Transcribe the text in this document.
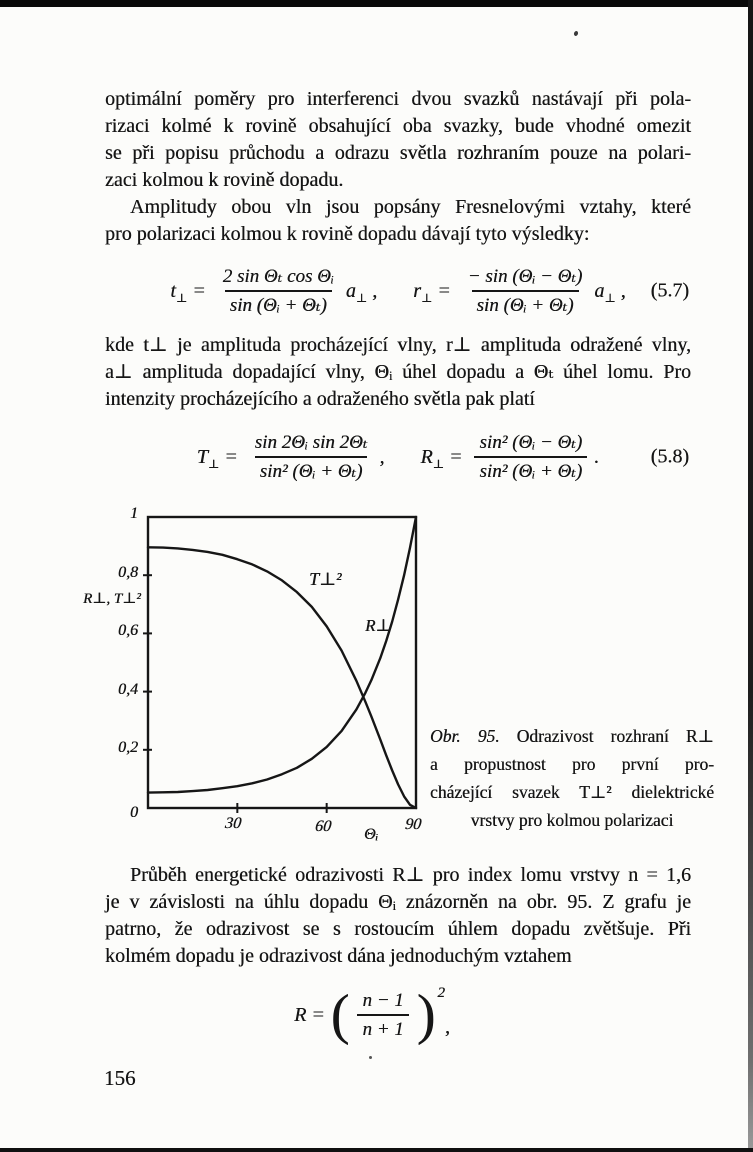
optimální poměry pro interferenci dvou svazků nastávají při pola-
rizaci kolmé k rovině obsahující oba svazky, bude vhodné omezit
se při popisu průchodu a odrazu světla rozhraním pouze na polari-
zaci kolmou k rovině dopadu.
Amplitudy obou vln jsou popsány Fresnelovými vztahy, které
pro polarizaci kolmou k rovině dopadu dávají tyto výsledky:
$t_\perp = \frac{\text{2 sin Θₜ cos Θᵢ}}{\text{sin (Θᵢ + Θₜ)}} a_\perp$ , $r_\perp = \frac{\text{− sin (Θᵢ − Θₜ)}}{\text{sin (Θᵢ + Θₜ)}} a_\perp$ , (5.7)
kde t⊥ je amplituda procházející vlny, r⊥ amplituda odražené vlny,
a⊥ amplituda dopadající vlny, Θᵢ úhel dopadu a Θₜ úhel lomu. Pro
intenzity procházejícího a odraženého světla pak platí
$T_\perp = \frac{\text{sin 2Θᵢ sin 2Θₜ}}{\text{sin² (Θᵢ + Θₜ)}}$ , $R_\perp = \frac{\text{sin² (Θᵢ − Θₜ)}}{\text{sin² (Θᵢ + Θₜ)}}$ .	(5.8)
1
0,8
0,6
0,4
0,2
0
30	60	90
R⊥, T⊥²
Θᵢ
T⊥²
R⊥
Obr. 95. Odrazivost rozhraní R⊥
a propustnost pro první pro-
cházející svazek T⊥² dielektrické
vrstvy pro kolmou polarizaci
Průběh energetické odrazivosti R⊥ pro index lomu vrstvy n = 1,6
je v závislosti na úhlu dopadu Θᵢ znázorněn na obr. 95. Z grafu je
patrno, že odrazivost se s rostoucím úhlem dopadu zvětšuje. Při
kolmém dopadu je odrazivost dána jednoduchým vztahem
R = ( $\frac{n - 1}{n + 1}$ ) 2
,
156
